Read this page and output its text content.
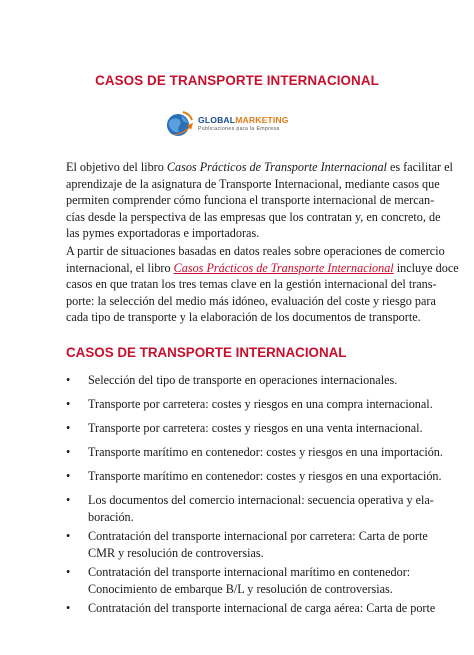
CASOS DE TRANSPORTE INTERNACIONAL
GLOBALMARKETING
Publicaciones para la Empresa
El objetivo del libro Casos Prácticos de Transporte Internacional es facilitar el
aprendizaje de la asignatura de Transporte Internacional, mediante casos que
permiten comprender cómo funciona el transporte internacional de mercan-
cías desde la perspectiva de las empresas que los contratan y, en concreto, de
las pymes exportadoras e importadoras.
A partir de situaciones basadas en datos reales sobre operaciones de comercio
internacional, el libro Casos Prácticos de Transporte Internacional incluye doce
casos en que tratan los tres temas clave en la gestión internacional del trans-
porte: la selección del medio más idóneo, evaluación del coste y riesgo para
cada tipo de transporte y la elaboración de los documentos de transporte.
CASOS DE TRANSPORTE INTERNACIONAL
• Selección del tipo de transporte en operaciones internacionales.
• Transporte por carretera: costes y riesgos en una compra internacional.
• Transporte por carretera: costes y riesgos en una venta internacional.
• Transporte marítimo en contenedor: costes y riesgos en una importación.
• Transporte marítimo en contenedor: costes y riesgos en una exportación.
• Los documentos del comercio internacional: secuencia operativa y ela-
boración.
• Contratación del transporte internacional por carretera: Carta de porte
CMR y resolución de controversias.
• Contratación del transporte internacional marítimo en contenedor:
Conocimiento de embarque B/L y resolución de controversias.
• Contratación del transporte internacional de carga aérea: Carta de porte
